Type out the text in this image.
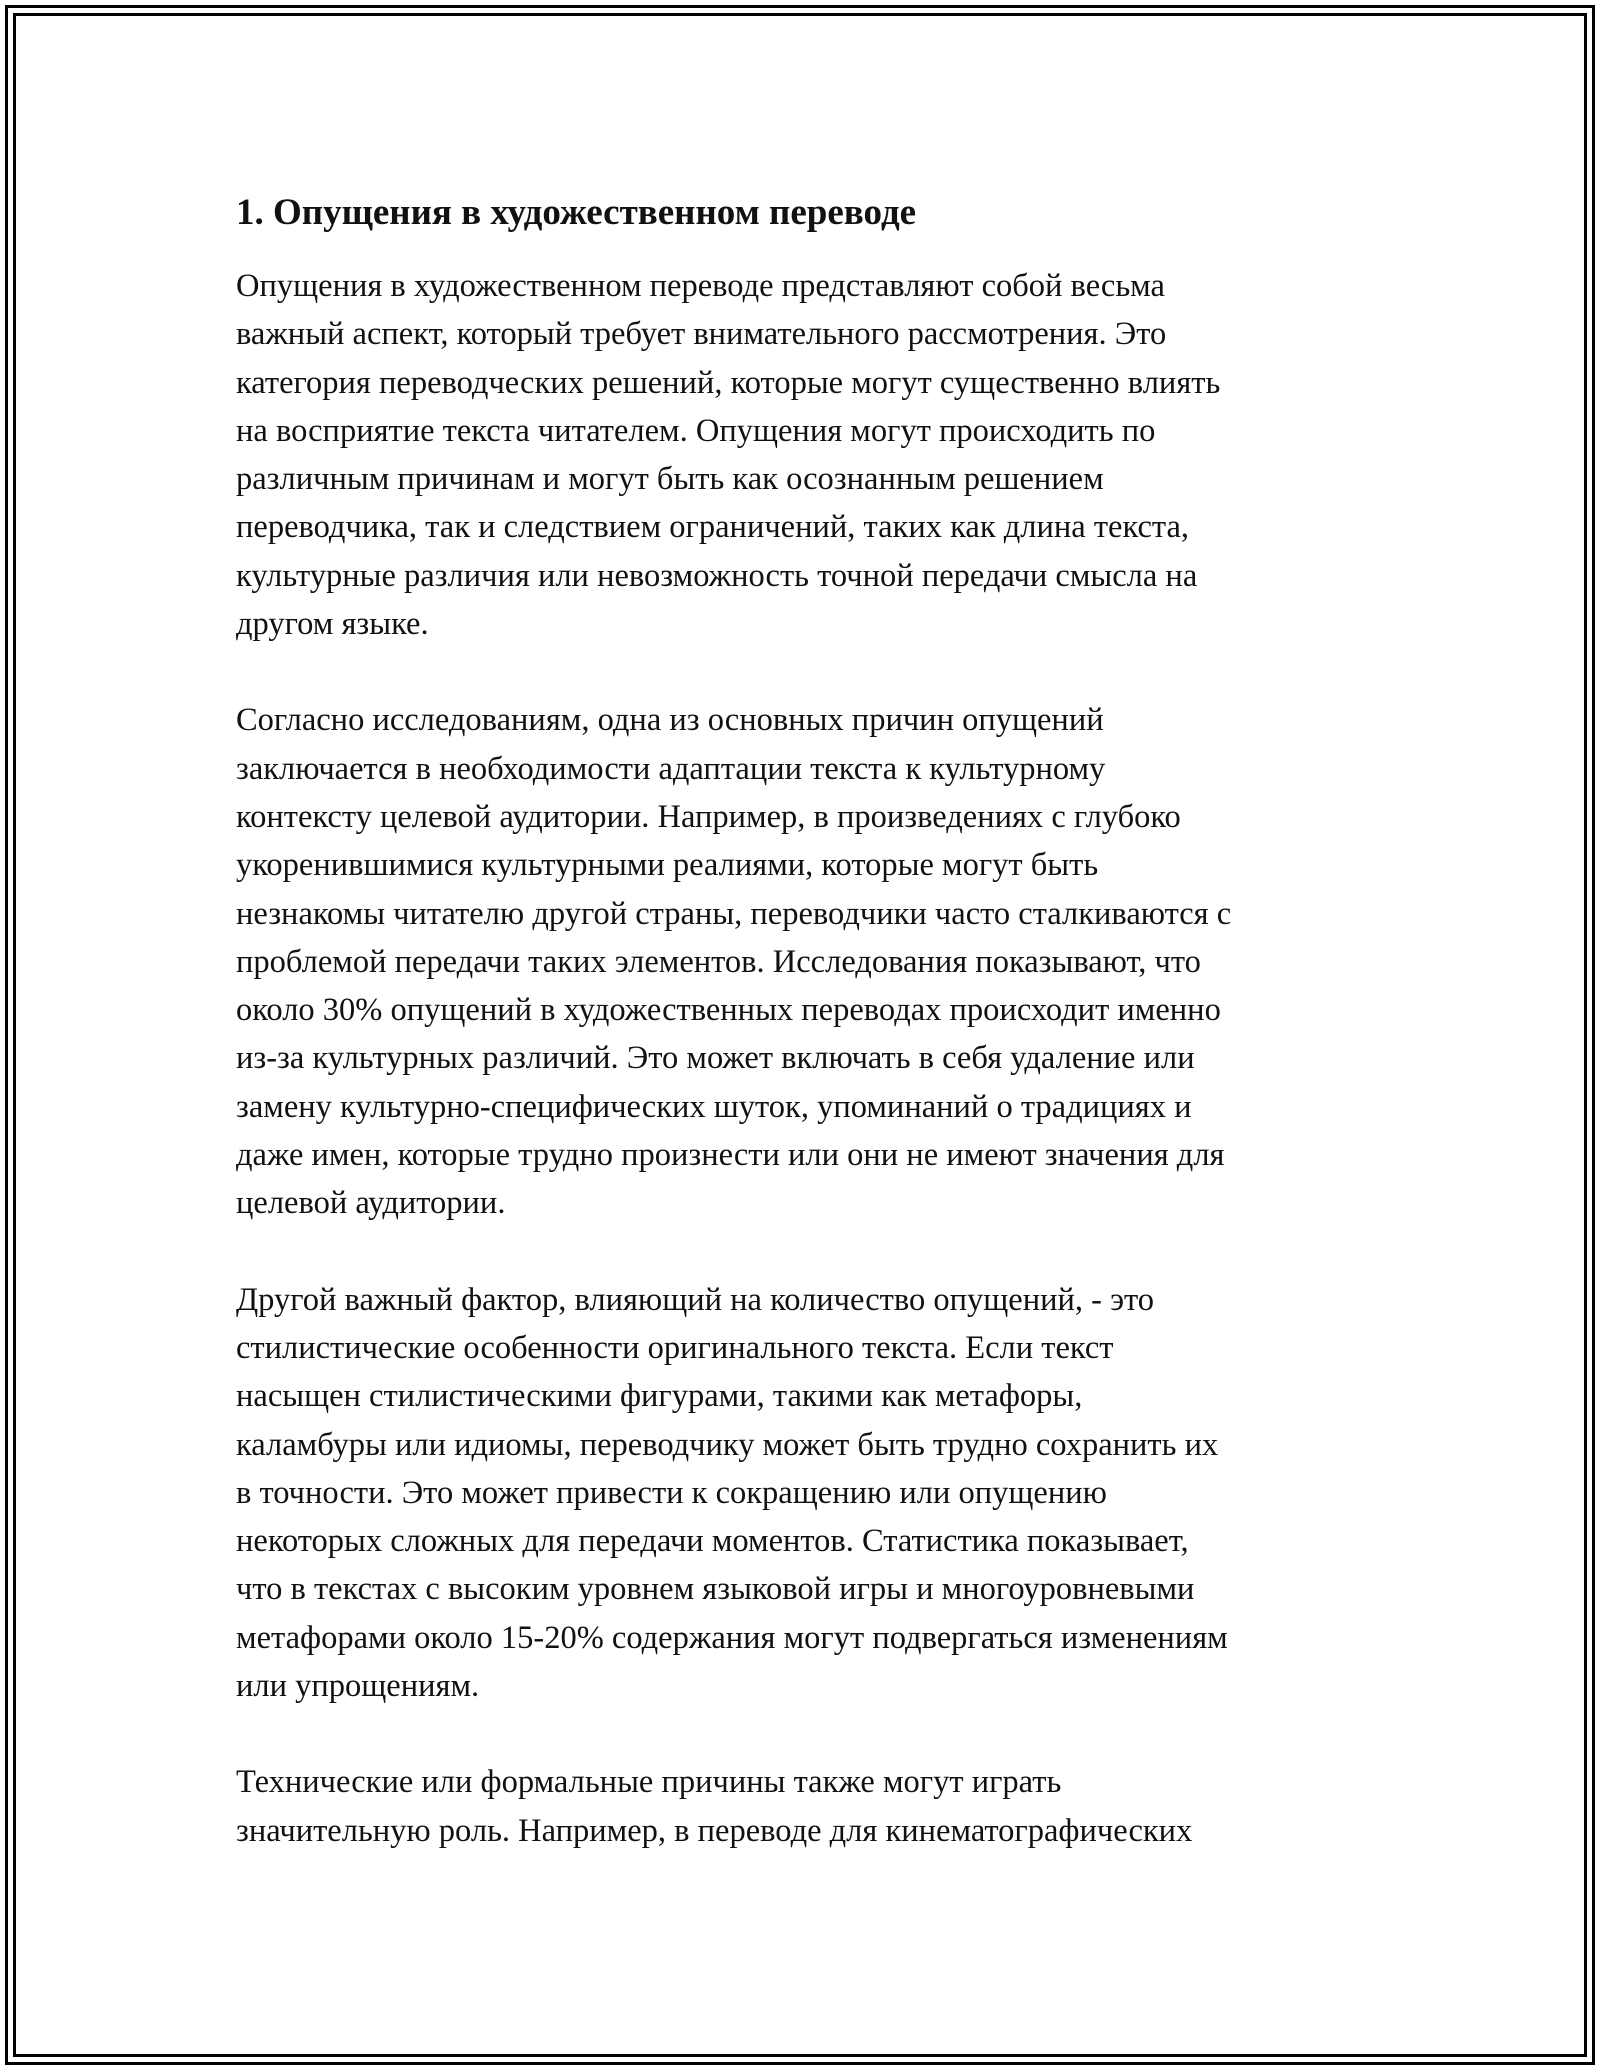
1. Опущения в художественном переводе
Опущения в художественном переводе представляют собой весьма
важный аспект, который требует внимательного рассмотрения. Это
категория переводческих решений, которые могут существенно влиять
на восприятие текста читателем. Опущения могут происходить по
различным причинам и могут быть как осознанным решением
переводчика, так и следствием ограничений, таких как длина текста,
культурные различия или невозможность точной передачи смысла на
другом языке.
Согласно исследованиям, одна из основных причин опущений
заключается в необходимости адаптации текста к культурному
контексту целевой аудитории. Например, в произведениях с глубоко
укоренившимися культурными реалиями, которые могут быть
незнакомы читателю другой страны, переводчики часто сталкиваются с
проблемой передачи таких элементов. Исследования показывают, что
около 30% опущений в художественных переводах происходит именно
из-за культурных различий. Это может включать в себя удаление или
замену культурно-специфических шуток, упоминаний о традициях и
даже имен, которые трудно произнести или они не имеют значения для
целевой аудитории.
Другой важный фактор, влияющий на количество опущений, - это
стилистические особенности оригинального текста. Если текст
насыщен стилистическими фигурами, такими как метафоры,
каламбуры или идиомы, переводчику может быть трудно сохранить их
в точности. Это может привести к сокращению или опущению
некоторых сложных для передачи моментов. Статистика показывает,
что в текстах с высоким уровнем языковой игры и многоуровневыми
метафорами около 15-20% содержания могут подвергаться изменениям
или упрощениям.
Технические или формальные причины также могут играть
значительную роль. Например, в переводе для кинематографических
